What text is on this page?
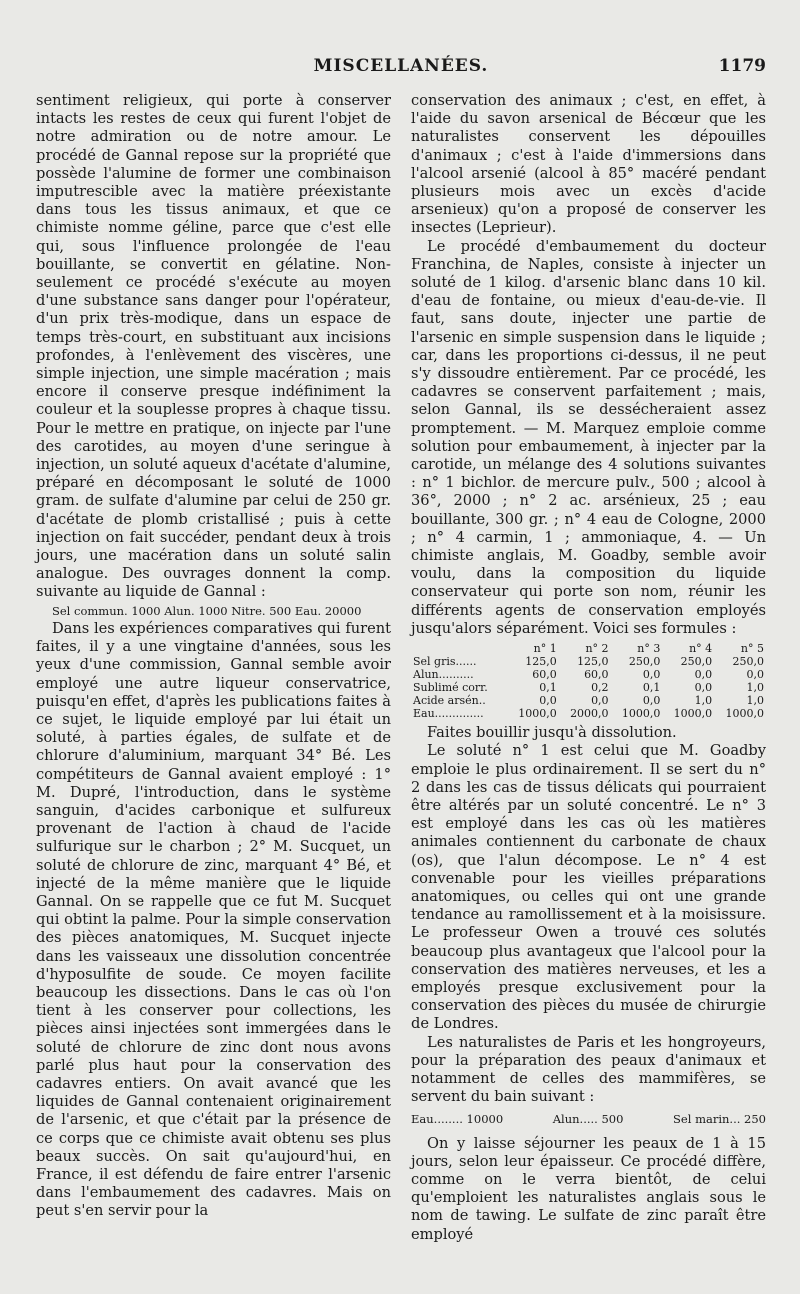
MISCELLANÉES.	1179

sentiment religieux, qui porte à conserver intacts les restes de ceux qui furent l'objet de notre admiration ou de notre amour. Le procédé de Gannal repose sur la propriété que possède l'alumine de former une combinaison imputrescible avec la matière préexistante dans tous les tissus animaux, et que ce chimiste nomme géline, parce que c'est elle qui, sous l'influence prolongée de l'eau bouillante, se convertit en gélatine. Non-seulement ce procédé s'exécute au moyen d'une substance sans danger pour l'opérateur, d'un prix très-modique, dans un espace de temps très-court, en substituant aux incisions profondes, à l'enlèvement des viscères, une simple injection, une simple macération ; mais encore il conserve presque indéfiniment la couleur et la souplesse propres à chaque tissu. Pour le mettre en pratique, on injecte par l'une des carotides, au moyen d'une seringue à injection, un soluté aqueux d'acétate d'alumine, préparé en décomposant le soluté de 1000 gram. de sulfate d'alumine par celui de 250 gr. d'acétate de plomb cristallisé ; puis à cette injection on fait succéder, pendant deux à trois jours, une macération dans un soluté salin analogue. Des ouvrages donnent la comp. suivante au liquide de Gannal :

Sel commun. 1000 Alun. 1000 Nitre. 500 Eau. 20000

Dans les expériences comparatives qui furent faites, il y a une vingtaine d'années, sous les yeux d'une commission, Gannal semble avoir employé une autre liqueur conservatrice, puisqu'en effet, d'après les publications faites à ce sujet, le liquide employé par lui était un soluté, à parties égales, de sulfate et de chlorure d'aluminium, marquant 34° Bé. Les compétiteurs de Gannal avaient employé : 1° M. Dupré, l'introduction, dans le système sanguin, d'acides carbonique et sulfureux provenant de l'action à chaud de l'acide sulfurique sur le charbon ; 2° M. Sucquet, un soluté de chlorure de zinc, marquant 4° Bé, et injecté de la même manière que le liquide Gannal. On se rappelle que ce fut M. Sucquet qui obtint la palme. Pour la simple conservation des pièces anatomiques, M. Sucquet injecte dans les vaisseaux une dissolution concentrée d'hyposulfite de soude. Ce moyen facilite beaucoup les dissections. Dans le cas où l'on tient à les conserver pour collections, les pièces ainsi injectées sont immergées dans le soluté de chlorure de zinc dont nous avons parlé plus haut pour la conservation des cadavres entiers. On avait avancé que les liquides de Gannal contenaient originairement de l'arsenic, et que c'était par la présence de ce corps que ce chimiste avait obtenu ses plus beaux succès. On sait qu'aujourd'hui, en France, il est défendu de faire entrer l'arsenic dans l'embaumement des cadavres. Mais on peut s'en servir pour la

conservation des animaux ; c'est, en effet, à l'aide du savon arsenical de Bécœur que les naturalistes conservent les dépouilles d'animaux ; c'est à l'aide d'immersions dans l'alcool arsenié (alcool à 85° macéré pendant plusieurs mois avec un excès d'acide arsenieux) qu'on a proposé de conserver les insectes (Leprieur).

Le procédé d'embaumement du docteur Franchina, de Naples, consiste à injecter un soluté de 1 kilog. d'arsenic blanc dans 10 kil. d'eau de fontaine, ou mieux d'eau-de-vie. Il faut, sans doute, injecter une partie de l'arsenic en simple suspension dans le liquide ; car, dans les proportions ci-dessus, il ne peut s'y dissoudre entièrement. Par ce procédé, les cadavres se conservent parfaitement ; mais, selon Gannal, ils se dessécheraient assez promptement. — M. Marquez emploie comme solution pour embaumement, à injecter par la carotide, un mélange des 4 solutions suivantes : n° 1 bichlor. de mercure pulv., 500 ; alcool à 36°, 2000 ; n° 2 ac. arsénieux, 25 ; eau bouillante, 300 gr. ; n° 4 eau de Cologne, 2000 ; n° 4 carmin, 1 ; ammoniaque, 4. — Un chimiste anglais, M. Goadby, semble avoir voulu, dans la composition du liquide conservateur qui porte son nom, réunir les différents agents de conservation employés jusqu'alors séparément. Voici ses formules :

	n° 1	n° 2	n° 3	n° 4	n° 5
Sel gris......	125,0	125,0	250,0	250,0	250,0
Alun..........	60,0	60,0	0,0	0,0	0,0
Sublimé corr.	0,1	0,2	0,1	0,0	1,0
Acide arsén..	0,0	0,0	0,0	1,0	1,0
Eau..............	1000,0	2000,0	1000,0	1000,0	1000,0

Faites bouillir jusqu'à dissolution.

Le soluté n° 1 est celui que M. Goadby emploie le plus ordinairement. Il se sert du n° 2 dans les cas de tissus délicats qui pourraient être altérés par un soluté concentré. Le n° 3 est employé dans les cas où les matières animales contiennent du carbonate de chaux (os), que l'alun décompose. Le n° 4 est convenable pour les vieilles préparations anatomiques, ou celles qui ont une grande tendance au ramollissement et à la moisissure. Le professeur Owen a trouvé ces solutés beaucoup plus avantageux que l'alcool pour la conservation des matières nerveuses, et les a employés presque exclusivement pour la conservation des pièces du musée de chirurgie de Londres.

Les naturalistes de Paris et les hongroyeurs, pour la préparation des peaux d'animaux et notamment de celles des mammifères, se servent du bain suivant :

Eau........ 10000	Alun..... 500	Sel marin... 250

On y laisse séjourner les peaux de 1 à 15 jours, selon leur épaisseur. Ce procédé diffère, comme on le verra bientôt, de celui qu'emploient les naturalistes anglais sous le nom de tawing. Le sulfate de zinc paraît être employé
